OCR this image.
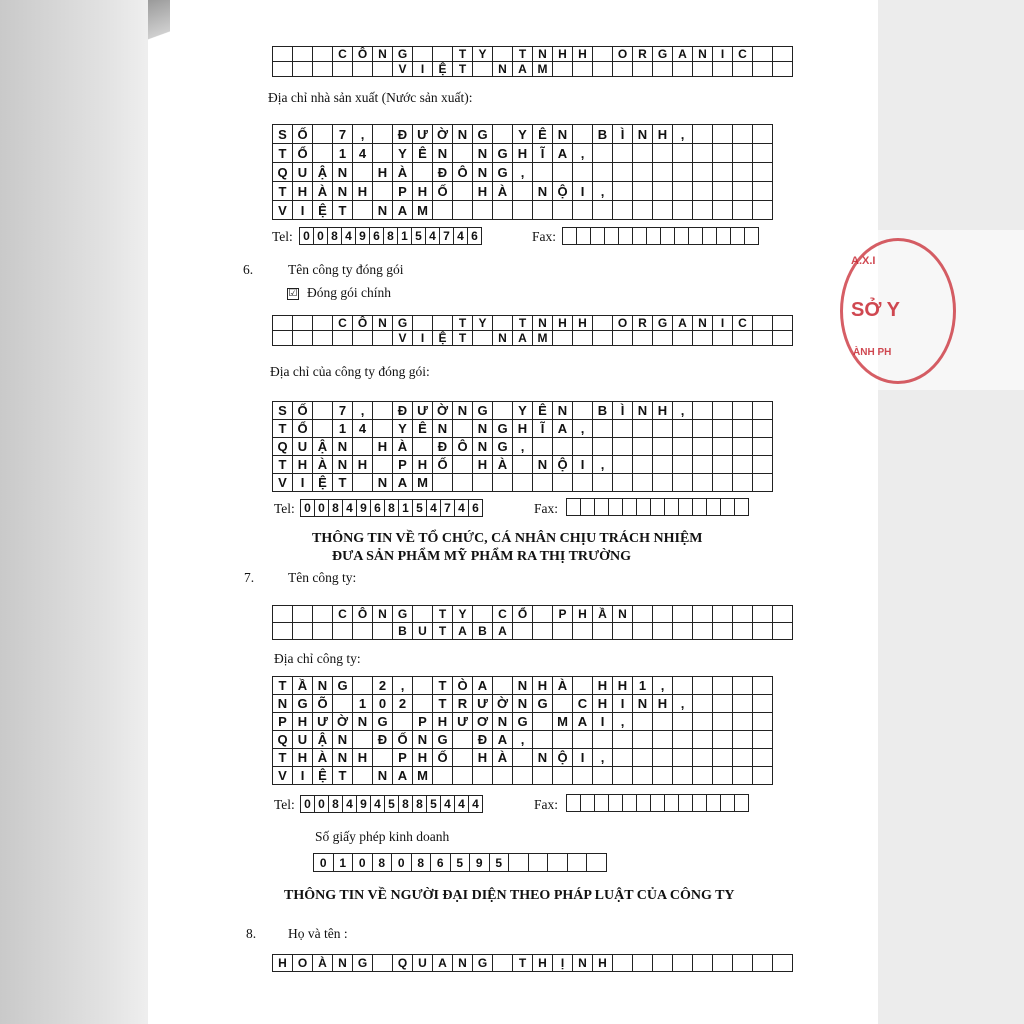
A.X.I
SỞ Y
ÀNH PH
			C	Ô	N	G			T	Y		T	N	H	H		O	R	G	A	N	I	C		
						V	I	Ệ	T		N	A	M												
Địa chỉ nhà sản xuất (Nước sản xuất):
S	Ố		7	,		Đ	Ư	Ờ	N	G		Y	Ê	N		B	Ì	N	H	,				
T	Ổ		1	4		Y	Ê	N		N	G	H	Ĩ	A	,									
Q	U	Ậ	N		H	À		Đ	Ô	N	G	,												
T	H	À	N	H		P	H	Ố		H	À		N	Ộ	I	,								
V	I	Ệ	T		N	A	M																	
Tel: 0	0	8	4	9	6	8	1	5	4	7	4	6	Fax:

6.	Tên công ty đóng gói
☑ Đóng gói chính
			C	Ô	N	G			T	Y		T	N	H	H		O	R	G	A	N	I	C		
						V	I	Ệ	T		N	A	M												
Địa chỉ của công ty đóng gói:
S	Ố		7	,		Đ	Ư	Ờ	N	G		Y	Ê	N		B	Ì	N	H	,				
T	Ổ		1	4		Y	Ê	N		N	G	H	Ĩ	A	,									
Q	U	Ậ	N		H	À		Đ	Ô	N	G	,												
T	H	À	N	H		P	H	Ố		H	À		N	Ộ	I	,								
V	I	Ệ	T		N	A	M																	
Tel: 0	0	8	4	9	6	8	1	5	4	7	4	6	Fax:

THÔNG TIN VỀ TỔ CHỨC, CÁ NHÂN CHỊU TRÁCH NHIỆM
ĐƯA SẢN PHẨM MỸ PHẨM RA THỊ TRƯỜNG
7.	Tên công ty:
			C	Ô	N	G		T	Y		C	Ổ		P	H	Ầ	N								
						B	U	T	A	B	A														
Địa chỉ công ty:
T	Ầ	N	G		2	,		T	Ò	A		N	H	À		H	H	1	,					
N	G	Õ		1	0	2		T	R	Ư	Ờ	N	G		C	H	I	N	H	,				
P	H	Ư	Ờ	N	G		P	H	Ư	Ơ	N	G		M	A	I	,							
Q	U	Ậ	N		Đ	Ố	N	G		Đ	A	,												
T	H	À	N	H		P	H	Ố		H	À		N	Ộ	I	,								
V	I	Ệ	T		N	A	M																	
Tel: 0	0	8	4	9	4	5	8	8	5	4	4	4	Fax:

Số giấy phép kinh doanh
0	1	0	8	0	8	6	5	9	5					
THÔNG TIN VỀ NGƯỜI ĐẠI DIỆN THEO PHÁP LUẬT CỦA CÔNG TY
8. Họ và tên :
H	O	À	N	G		Q	U	A	N	G		T	H	Ị	N	H									
